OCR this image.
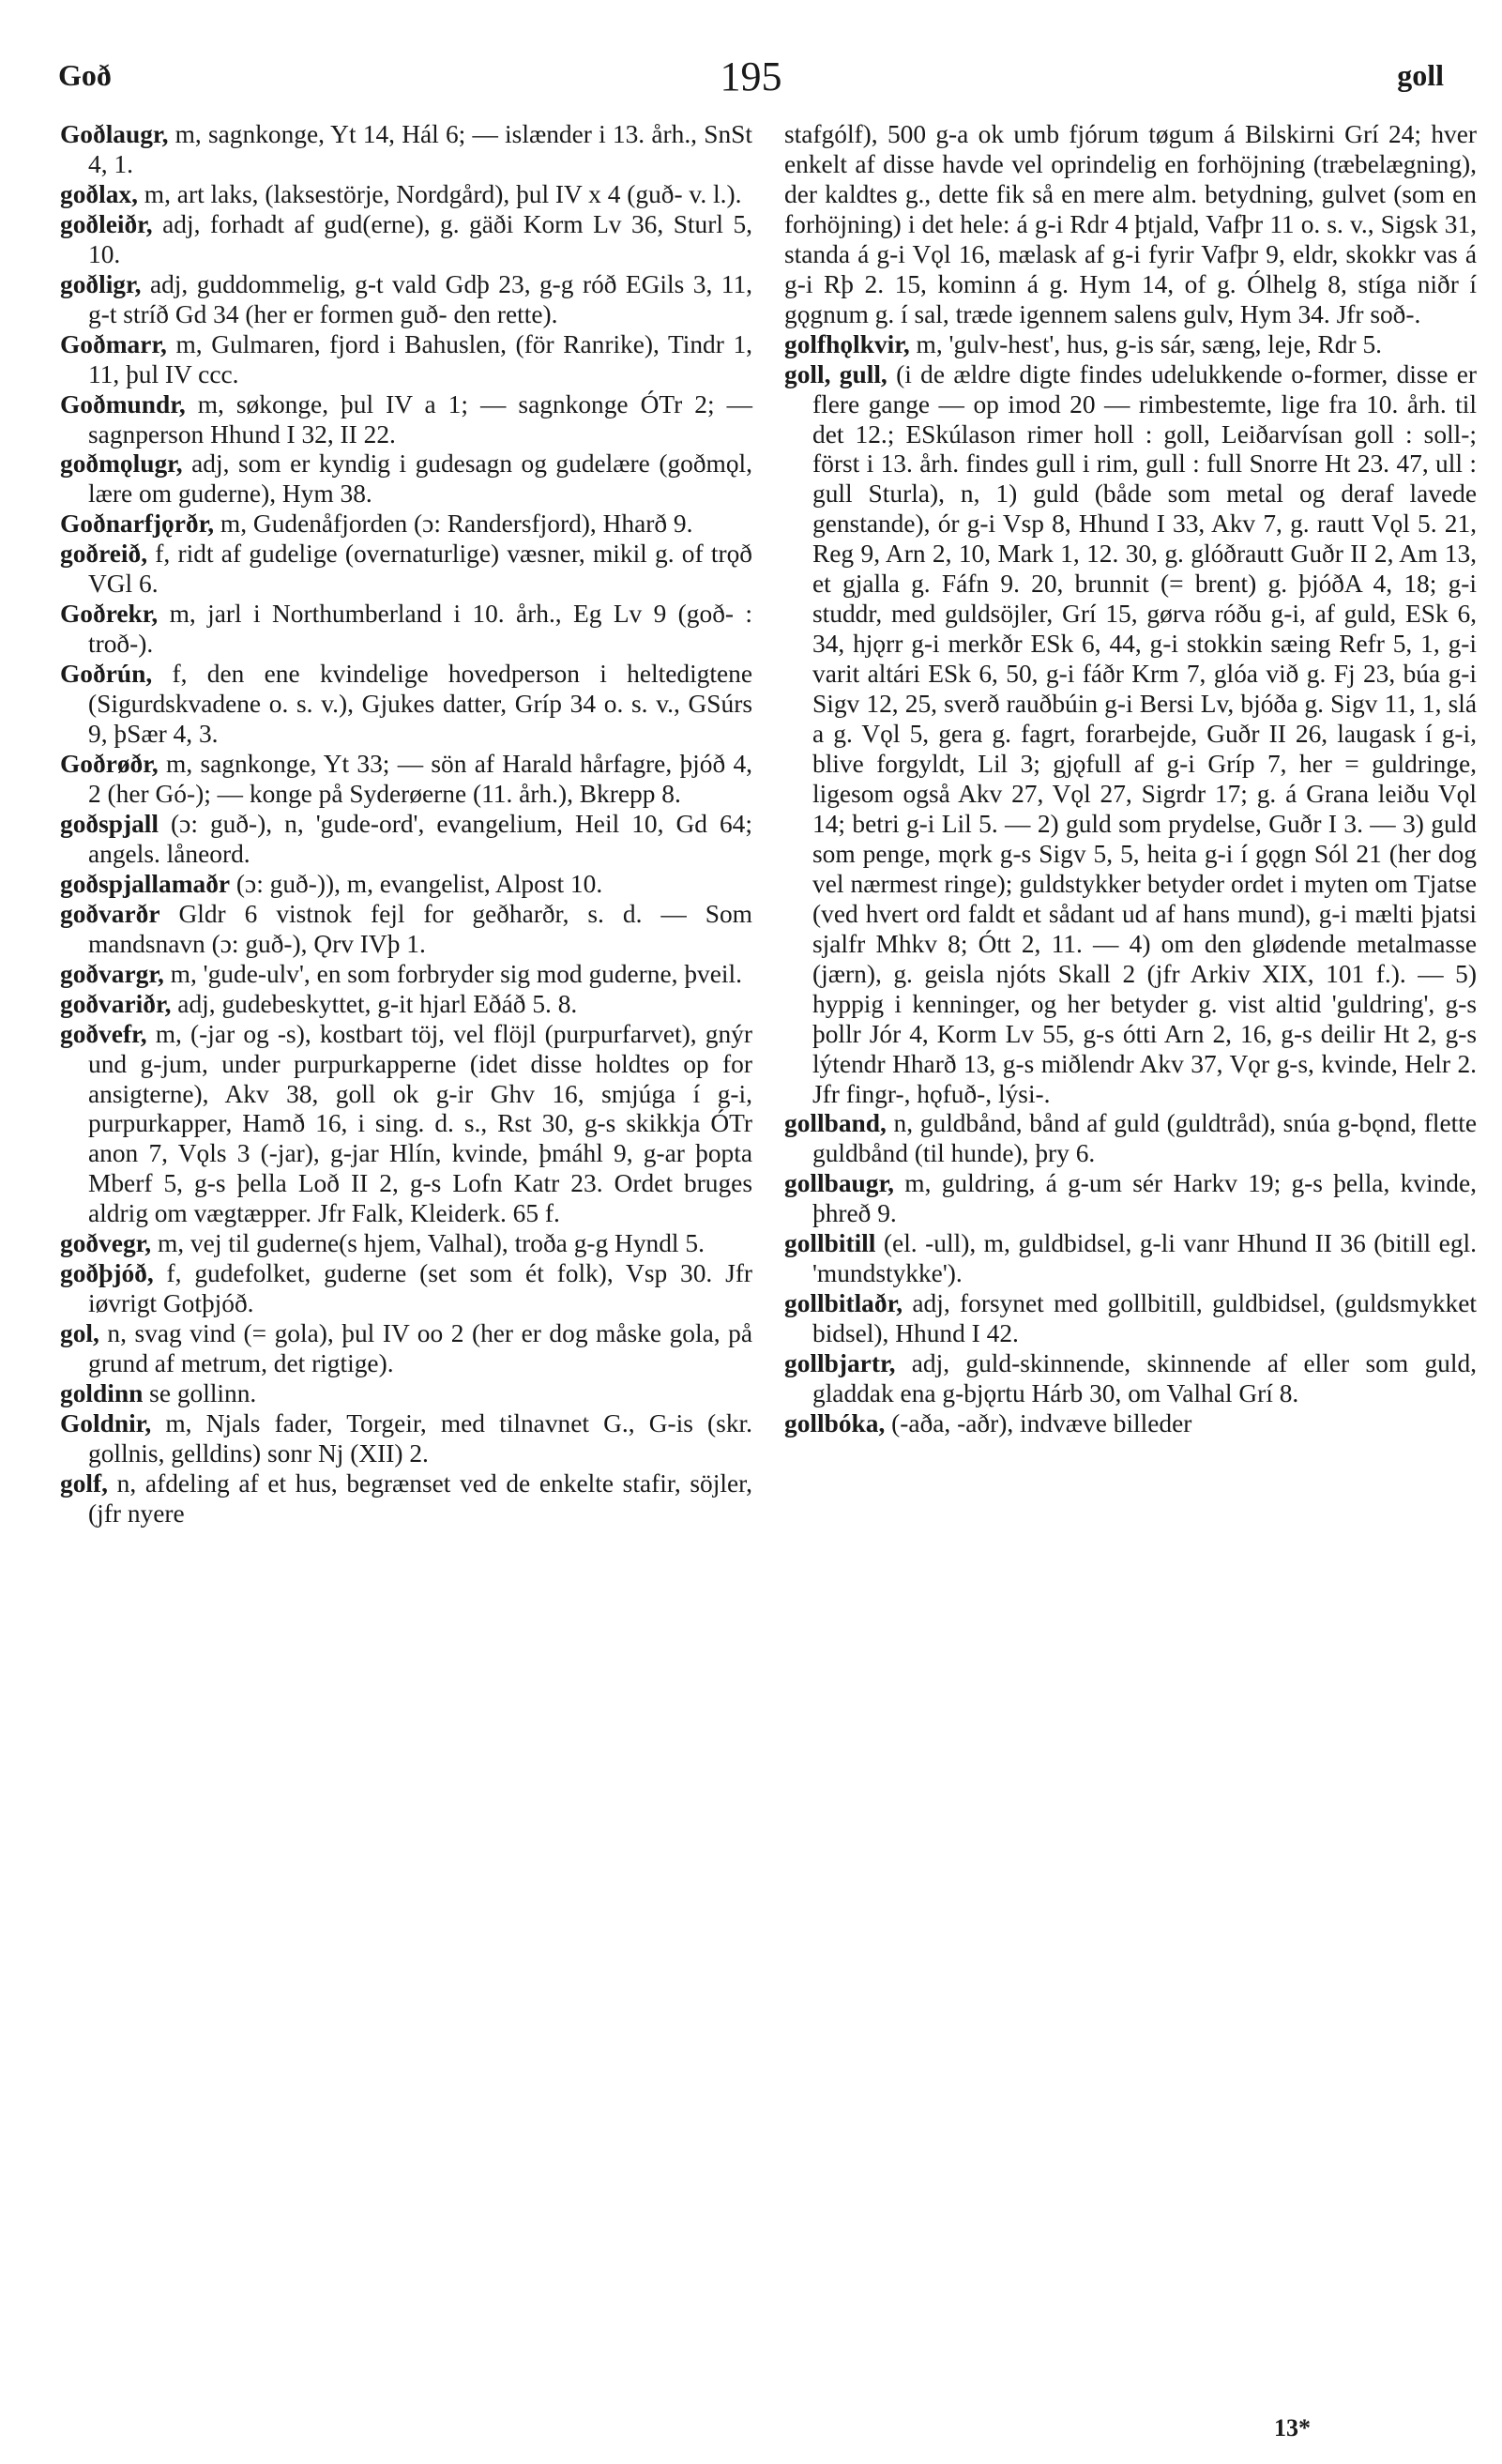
Goð	195	goll

Goðlaugr, m, sagnkonge, Yt 14, Hál 6; — islænder i 13. årh., SnSt 4, 1.

goðlax, m, art laks, (laksestörje, Nordgård), þul IV x 4 (guð- v. l.).

goðleiðr, adj, forhadt af gud(erne), g. gäði Korm Lv 36, Sturl 5, 10.

goðligr, adj, guddommelig, g-t vald Gdþ 23, g-g róð EGils 3, 11, g-t stríð Gd 34 (her er formen guð- den rette).

Goðmarr, m, Gulmaren, fjord i Bahuslen, (för Ranrike), Tindr 1, 11, þul IV ccc.

Goðmundr, m, søkonge, þul IV a 1; — sagnkonge ÓTr 2; — sagnperson Hhund I 32, II 22.

goðmǫlugr, adj, som er kyndig i gudesagn og gudelære (goðmǫl, lære om guderne), Hym 38.

Goðnarfjǫrðr, m, Gudenåfjorden (ɔ: Randersfjord), Hharð 9.

goðreið, f, ridt af gudelige (overnaturlige) væsner, mikil g. of trǫð VGl 6.

Goðrekr, m, jarl i Northumberland i 10. årh., Eg Lv 9 (goð- : troð-).

Goðrún, f, den ene kvindelige hovedperson i heltedigtene (Sigurdskvadene o. s. v.), Gjukes datter, Gríp 34 o. s. v., GSúrs 9, þSær 4, 3.

Goðrøðr, m, sagnkonge, Yt 33; — sön af Harald hårfagre, þjóð 4, 2 (her Gó-); — konge på Syderøerne (11. årh.), Bkrepp 8.

goðspjall (ɔ: guð-), n, 'gude-ord', evangelium, Heil 10, Gd 64; angels. låneord.

goðspjallamaðr (ɔ: guð-)), m, evangelist, Alpost 10.

goðvarðr Gldr 6 vistnok fejl for geðharðr, s. d. — Som mandsnavn (ɔ: guð-), Ǫrv IVþ 1.

goðvargr, m, 'gude-ulv', en som forbryder sig mod guderne, þveil.

goðvariðr, adj, gudebeskyttet, g-it hjarl Eðáð 5. 8.

goðvefr, m, (-jar og -s), kostbart töj, vel flöjl (purpurfarvet), gnýr und g-jum, under purpurkapperne (idet disse holdtes op for ansigterne), Akv 38, goll ok g-ir Ghv 16, smjúga í g-i, purpurkapper, Hamð 16, i sing. d. s., Rst 30, g-s skikkja ÓTr anon 7, Vǫls 3 (-jar), g-jar Hlín, kvinde, þmáhl 9, g-ar þopta Mberf 5, g-s þella Loð II 2, g-s Lofn Katr 23. Ordet bruges aldrig om vægtæpper. Jfr Falk, Kleiderk. 65 f.

goðvegr, m, vej til guderne(s hjem, Valhal), troða g-g Hyndl 5.

goðþjóð, f, gudefolket, guderne (set som ét folk), Vsp 30. Jfr iøvrigt Gotþjóð.

gol, n, svag vind (= gola), þul IV oo 2 (her er dog måske gola, på grund af metrum, det rigtige).

goldinn se gollinn.

Goldnir, m, Njals fader, Torgeir, med tilnavnet G., G-is (skr. gollnis, gelldins) sonr Nj (XII) 2.

golf, n, afdeling af et hus, begrænset ved de enkelte stafir, söjler, (jfr nyere

stafgólf), 500 g-a ok umb fjórum tøgum á Bilskirni Grí 24; hver enkelt af disse havde vel oprindelig en forhöjning (træbelægning), der kaldtes g., dette fik så en mere alm. betydning, gulvet (som en forhöjning) i det hele: á g-i Rdr 4 þtjald, Vafþr 11 o. s. v., Sigsk 31, standa á g-i Vǫl 16, mælask af g-i fyrir Vafþr 9, eldr, skokkr vas á g-i Rþ 2. 15, kominn á g. Hym 14, of g. Ólhelg 8, stíga niðr í gǫgnum g. í sal, træde igennem salens gulv, Hym 34. Jfr soð-.

golfhǫlkvir, m, 'gulv-hest', hus, g-is sár, sæng, leje, Rdr 5.

goll, gull, (i de ældre digte findes udelukkende o-former, disse er flere gange — op imod 20 — rimbestemte, lige fra 10. årh. til det 12.; ESkúlason rimer holl : goll, Leiðarvísan goll : soll-; först i 13. årh. findes gull i rim, gull : full Snorre Ht 23. 47, ull : gull Sturla), n, 1) guld (både som metal og deraf lavede genstande), ór g-i Vsp 8, Hhund I 33, Akv 7, g. rautt Vǫl 5. 21, Reg 9, Arn 2, 10, Mark 1, 12. 30, g. glóðrautt Guðr II 2, Am 13, et gjalla g. Fáfn 9. 20, brunnit (= brent) g. þjóðA 4, 18; g-i studdr, med guldsöjler, Grí 15, gørva róðu g-i, af guld, ESk 6, 34, hjǫrr g-i merkðr ESk 6, 44, g-i stokkin sæing Refr 5, 1, g-i varit altári ESk 6, 50, g-i fáðr Krm 7, glóa við g. Fj 23, búa g-i Sigv 12, 25, sverð rauðbúin g-i Bersi Lv, bjóða g. Sigv 11, 1, slá a g. Vǫl 5, gera g. fagrt, forarbejde, Guðr II 26, laugask í g-i, blive forgyldt, Lil 3; gjǫfull af g-i Gríp 7, her = guldringe, ligesom også Akv 27, Vǫl 27, Sigrdr 17; g. á Grana leiðu Vǫl 14; betri g-i Lil 5. — 2) guld som prydelse, Guðr I 3. — 3) guld som penge, mǫrk g-s Sigv 5, 5, heita g-i í gǫgn Sól 21 (her dog vel nærmest ringe); guldstykker betyder ordet i myten om Tjatse (ved hvert ord faldt et sådant ud af hans mund), g-i mælti þjatsi sjalfr Mhkv 8; Ótt 2, 11. — 4) om den glødende metalmasse (jærn), g. geisla njóts Skall 2 (jfr Arkiv XIX, 101 f.). — 5) hyppig i kenninger, og her betyder g. vist altid 'guldring', g-s þollr Jór 4, Korm Lv 55, g-s ótti Arn 2, 16, g-s deilir Ht 2, g-s lýtendr Hharð 13, g-s miðlendr Akv 37, Vǫr g-s, kvinde, Helr 2. Jfr fingr-, hǫfuð-, lýsi-.

gollband, n, guldbånd, bånd af guld (guldtråd), snúa g-bǫnd, flette guldbånd (til hunde), þry 6.

gollbaugr, m, guldring, á g-um sér Harkv 19; g-s þella, kvinde, þhreð 9.

gollbitill (el. -ull), m, guldbidsel, g-li vanr Hhund II 36 (bitill egl. 'mundstykke').

gollbitlaðr, adj, forsynet med gollbitill, guldbidsel, (guldsmykket bidsel), Hhund I 42.

gollbjartr, adj, guld-skinnende, skinnende af eller som guld, gladdak ena g-bjǫrtu Hárb 30, om Valhal Grí 8.

gollbóka, (-aða, -aðr), indvæve billeder

13*
